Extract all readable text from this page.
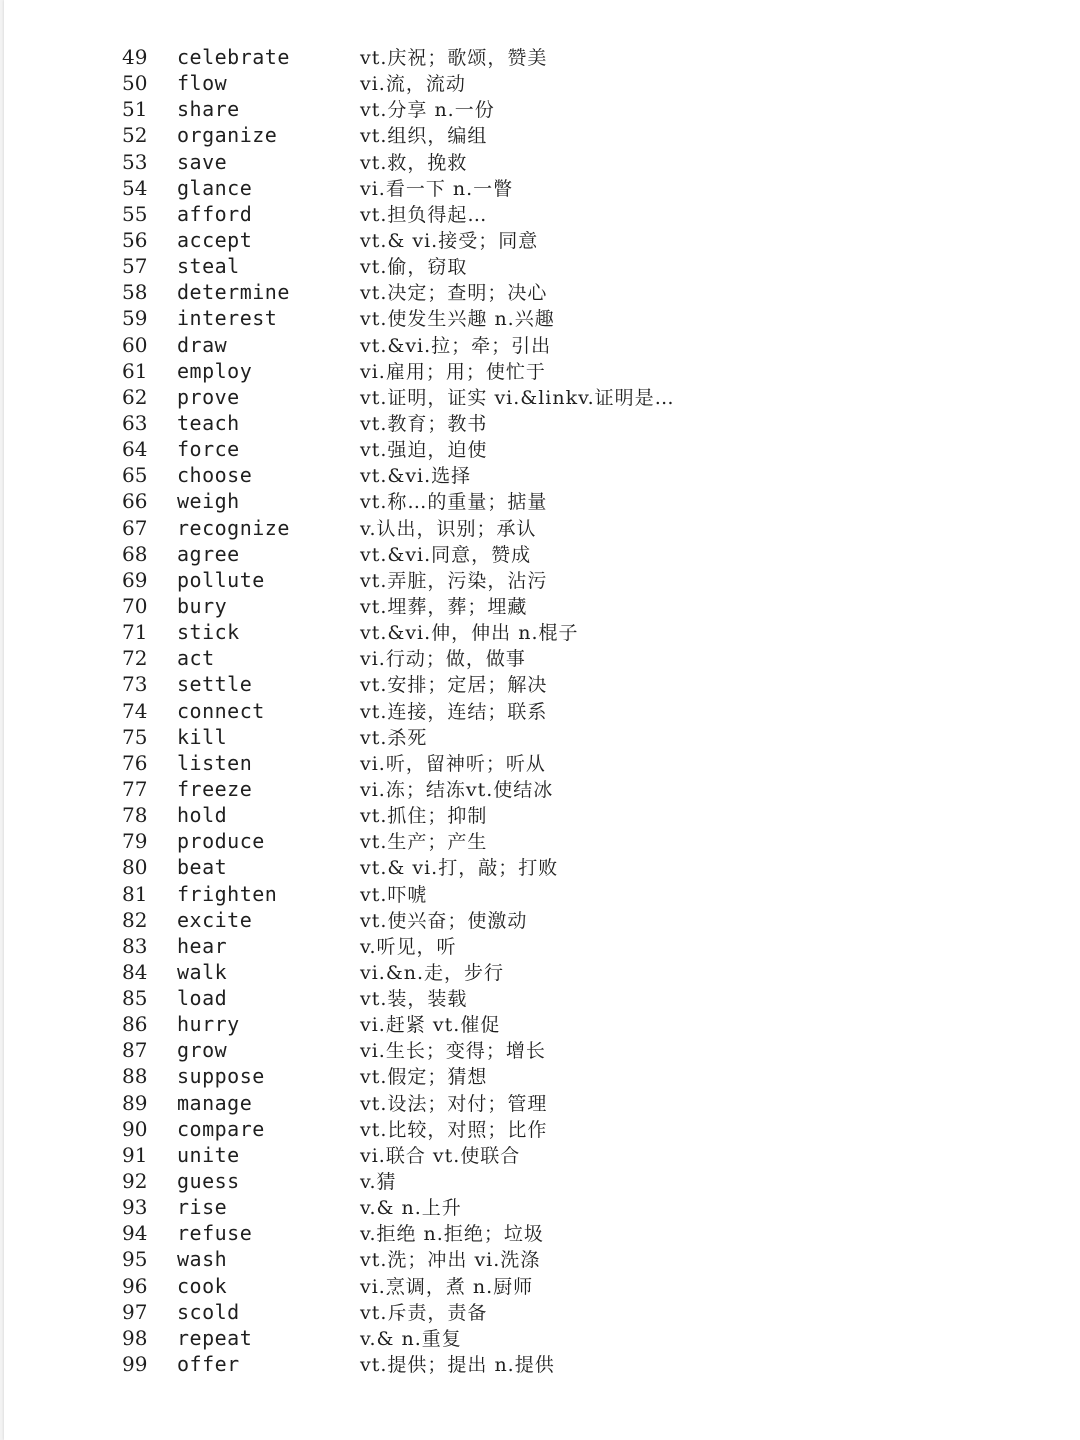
49 celebrate	vt.庆祝；歌颂，赞美
50 flow	vi.流，流动
51 share	vt.分享 n.一份
52 organize	vt.组织，编组
53 save	vt.救，挽救
54 glance	vi.看一下 n.一瞥
55 afford	vt.担负得起…
56 accept	vt.& vi.接受；同意
57 steal	vt.偷，窃取
58 determine	vt.决定；查明；决心
59 interest	vt.使发生兴趣 n.兴趣
60 draw	vt.&vi.拉；牵；引出
61 employ	vi.雇用；用；使忙于
62 prove	vt.证明，证实 vi.&linkv.证明是…
63 teach	vt.教育；教书
64 force	vt.强迫，迫使
65 choose	vt.&vi.选择
66 weigh	vt.称…的重量；掂量
67 recognize	v.认出，识别；承认
68 agree	vt.&vi.同意，赞成
69 pollute	vt.弄脏，污染，沾污
70 bury	vt.埋葬，葬；埋藏
71 stick	vt.&vi.伸，伸出 n.棍子
72 act	vi.行动；做，做事
73 settle	vt.安排；定居；解决
74 connect	vt.连接，连结；联系
75 kill	vt.杀死
76 listen	vi.听，留神听；听从
77 freeze	vi.冻；结冻vt.使结冰
78 hold	vt.抓住；抑制
79 produce	vt.生产；产生
80 beat	vt.& vi.打，敲；打败
81 frighten	vt.吓唬
82 excite	vt.使兴奋；使激动
83 hear	v.听见，听
84 walk	vi.&n.走，步行
85 load	vt.装，装载
86 hurry	vi.赶紧 vt.催促
87 grow	vi.生长；变得；增长
88 suppose	vt.假定；猜想
89 manage	vt.设法；对付；管理
90 compare	vt.比较，对照；比作
91 unite	vi.联合 vt.使联合
92 guess	v.猜
93 rise	v.& n.上升
94 refuse	v.拒绝 n.拒绝；垃圾
95 wash	vt.洗；冲出 vi.洗涤
96 cook	vi.烹调，煮 n.厨师
97 scold	vt.斥责，责备
98 repeat	v.& n.重复
99 offer	vt.提供；提出 n.提供
